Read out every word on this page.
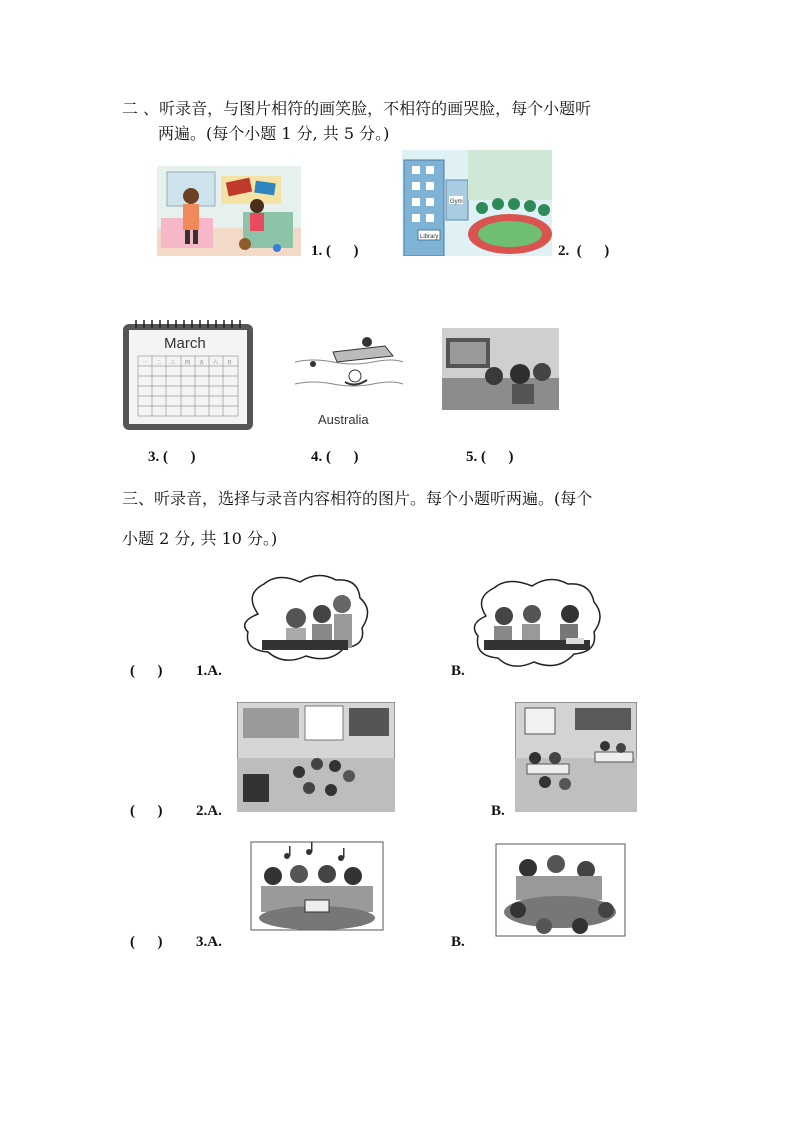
二 、听录音，与图片相符的画笑脸，不相符的画哭脸，每个小题听
两遍。(每个小题 1 分, 共 5 分。)
1. (      )
Library
Gym
2.  (      )
March
一 二 三 四 五 六 日
3. (      )
Australia
4. (      )	5. (      )
三、听录音，选择与录音内容相符的图片。每个小题听两遍。(每个
小题 2 分, 共 10 分。)
(      ) 1.A.	B.
(      ) 2.A.	B.
(      ) 3.A.	B.
